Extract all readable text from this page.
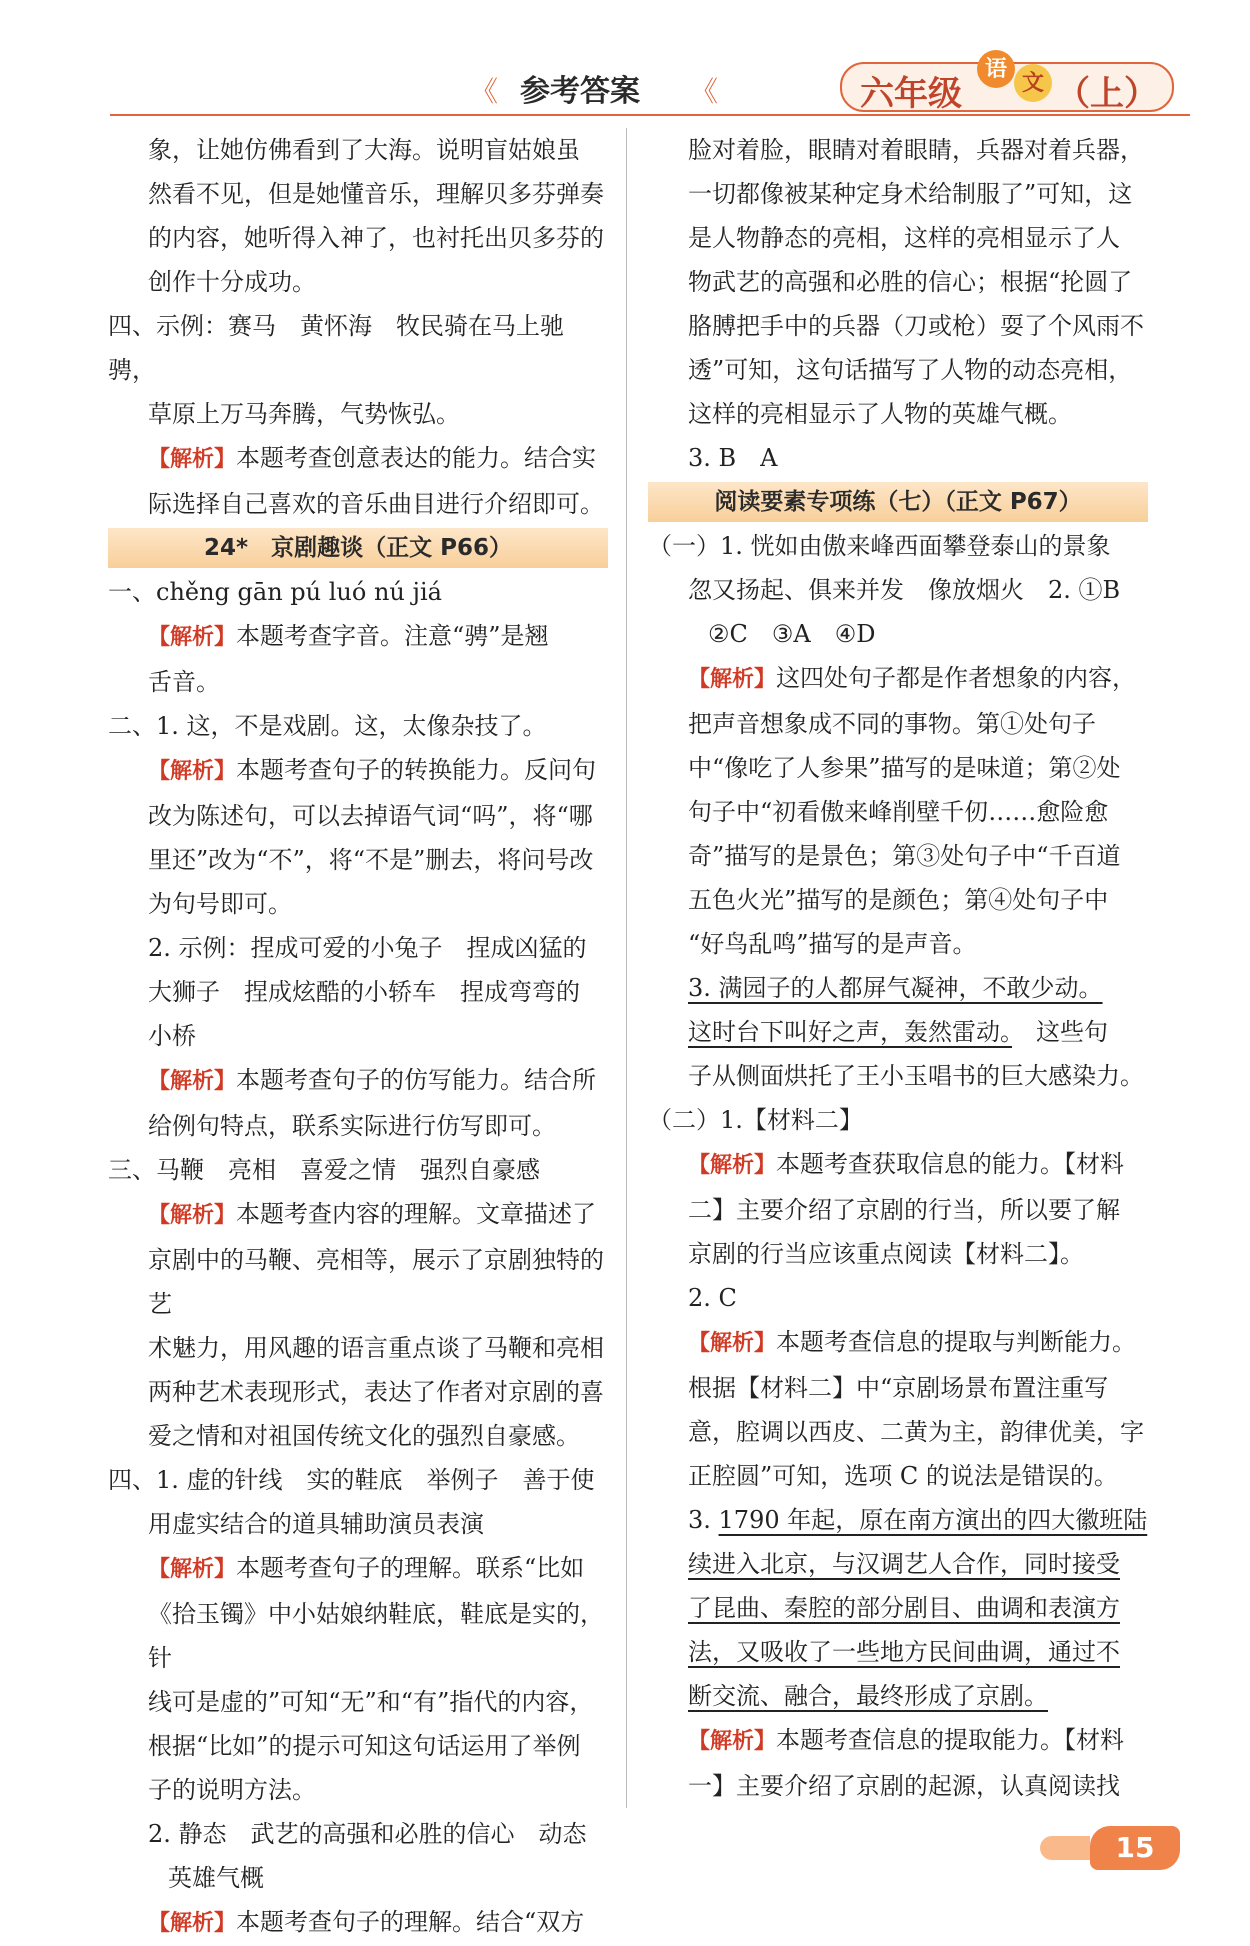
《 参考答案 《	六年级
语
文 （上）

象，让她仿佛看到了大海。说明盲姑娘虽

然看不见，但是她懂音乐，理解贝多芬弹奏

的内容，她听得入神了，也衬托出贝多芬的

创作十分成功。

四、示例：赛马　黄怀海　牧民骑在马上驰骋，

草原上万马奔腾，气势恢弘。

【解析】本题考查创意表达的能力。结合实

际选择自己喜欢的音乐曲目进行介绍即可。

24*　京剧趣谈（正文 P66）

一、chěng gān pú luó nú jiá

【解析】本题考查字音。注意“骋”是翘

舌音。

二、1. 这，不是戏剧。这，太像杂技了。

【解析】本题考查句子的转换能力。反问句

改为陈述句，可以去掉语气词“吗”，将“哪

里还”改为“不”，将“不是”删去，将问号改

为句号即可。

2. 示例：捏成可爱的小兔子　捏成凶猛的

大狮子　捏成炫酷的小轿车　捏成弯弯的

小桥

【解析】本题考查句子的仿写能力。结合所

给例句特点，联系实际进行仿写即可。

三、马鞭　亮相　喜爱之情　强烈自豪感

【解析】本题考查内容的理解。文章描述了

京剧中的马鞭、亮相等，展示了京剧独特的艺

术魅力，用风趣的语言重点谈了马鞭和亮相

两种艺术表现形式，表达了作者对京剧的喜

爱之情和对祖国传统文化的强烈自豪感。

四、1. 虚的针线　实的鞋底　举例子　善于使

用虚实结合的道具辅助演员表演

【解析】本题考查句子的理解。联系“比如

《拾玉镯》中小姑娘纳鞋底，鞋底是实的，针

线可是虚的”可知“无”和“有”指代的内容，

根据“比如”的提示可知这句话运用了举例

子的说明方法。

2. 静态　武艺的高强和必胜的信心　动态

英雄气概

【解析】本题考查句子的理解。结合“双方

脸对着脸，眼睛对着眼睛，兵器对着兵器，

一切都像被某种定身术给制服了”可知，这

是人物静态的亮相，这样的亮相显示了人

物武艺的高强和必胜的信心；根据“抡圆了

胳膊把手中的兵器（刀或枪）耍了个风雨不

透”可知，这句话描写了人物的动态亮相，

这样的亮相显示了人物的英雄气概。

3. B　A

阅读要素专项练（七）（正文 P67）

（一）1. 恍如由傲来峰西面攀登泰山的景象

忽又扬起、俱来并发　像放烟火　2. ①B

②C　③A　④D

【解析】这四处句子都是作者想象的内容，

把声音想象成不同的事物。第①处句子

中“像吃了人参果”描写的是味道；第②处

句子中“初看傲来峰削壁千仞……愈险愈

奇”描写的是景色；第③处句子中“千百道

五色火光”描写的是颜色；第④处句子中

“好鸟乱鸣”描写的是声音。

3. 满园子的人都屏气凝神，不敢少动。

这时台下叫好之声，轰然雷动。　这些句

子从侧面烘托了王小玉唱书的巨大感染力。

（二）1.【材料二】

【解析】本题考查获取信息的能力。【材料

二】主要介绍了京剧的行当，所以要了解

京剧的行当应该重点阅读【材料二】。

2. C

【解析】本题考查信息的提取与判断能力。

根据【材料二】中“京剧场景布置注重写

意，腔调以西皮、二黄为主，韵律优美，字

正腔圆”可知，选项 C 的说法是错误的。

3. 1790 年起，原在南方演出的四大徽班陆

续进入北京，与汉调艺人合作，同时接受

了昆曲、秦腔的部分剧目、曲调和表演方

法，又吸收了一些地方民间曲调，通过不

断交流、融合，最终形成了京剧。

【解析】本题考查信息的提取能力。【材料

一】主要介绍了京剧的起源，认真阅读找

15
